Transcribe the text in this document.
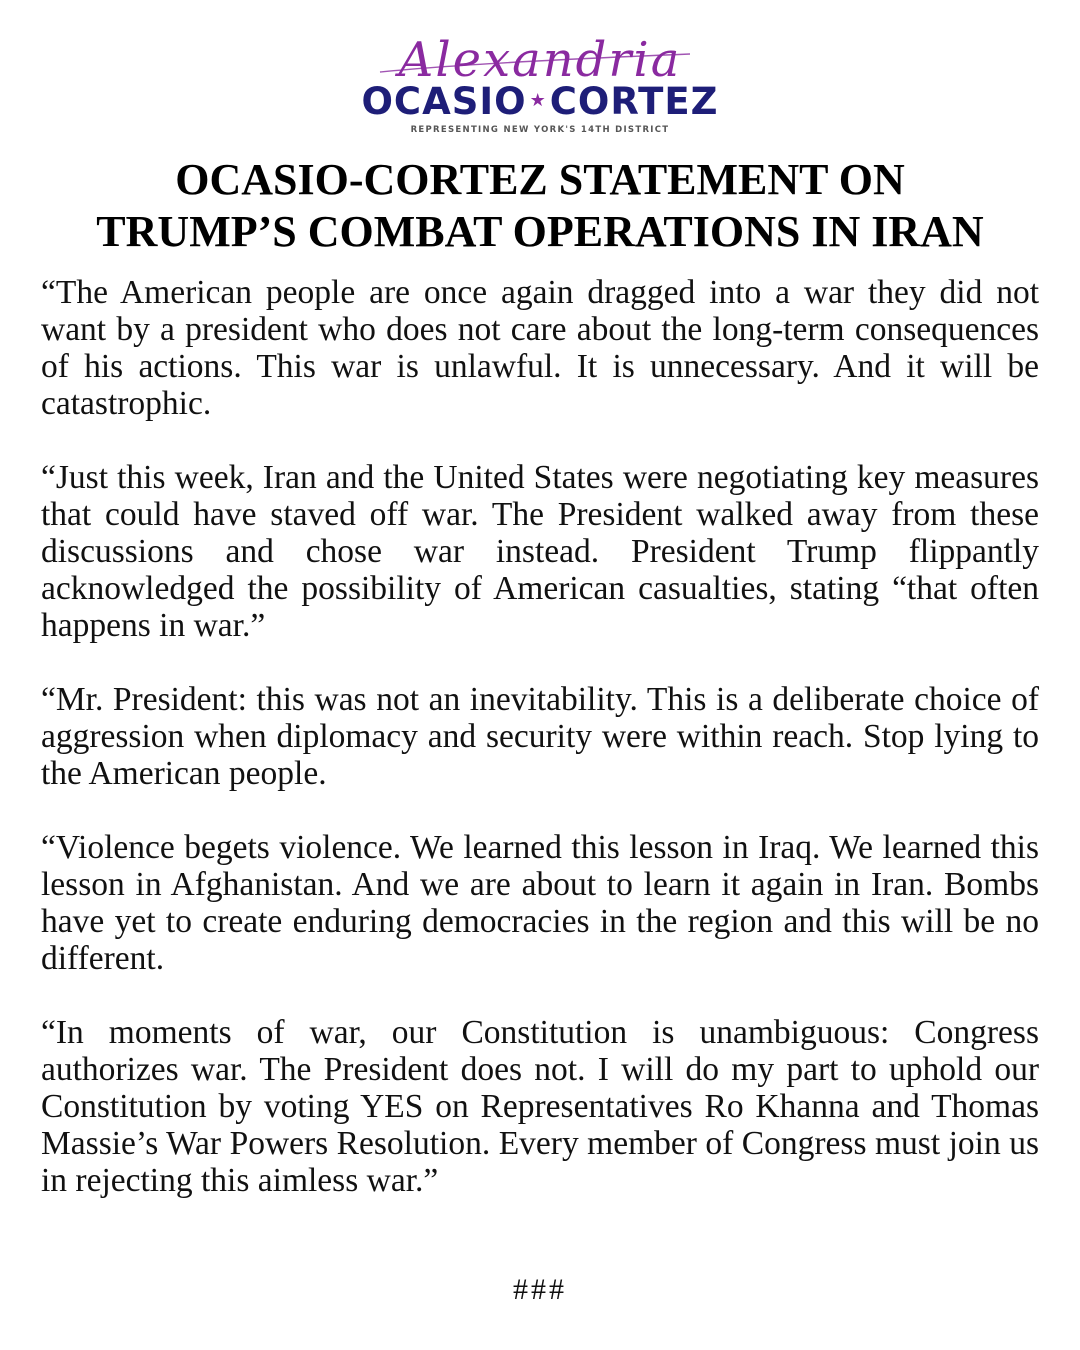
Alexandria
OCASIO ★CORTEZ
REPRESENTING NEW YORK'S 14TH DISTRICT
OCASIO-CORTEZ STATEMENT ON
TRUMP’S COMBAT OPERATIONS IN IRAN

“The American people are once again dragged into a war they did not want by a president who does not care about the long-term consequences of his actions. This war is unlawful. It is unnecessary. And it will be catastrophic.

“Just this week, Iran and the United States were negotiating key measures that could have staved off war. The President walked away from these discussions and chose war instead. President Trump flippantly acknowledged the possibility of American casualties, stating “that often happens in war.”

“Mr. President: this was not an inevitability. This is a deliberate choice of aggression when diplomacy and security were within reach. Stop lying to the American people.

“Violence begets violence. We learned this lesson in Iraq. We learned this lesson in Afghanistan. And we are about to learn it again in Iran. Bombs have yet to create enduring democracies in the region and this will be no different.

“In moments of war, our Constitution is unambiguous: Congress authorizes war. The President does not. I will do my part to uphold our Constitution by voting YES on Representatives Ro Khanna and Thomas Massie’s War Powers Resolution. Every member of Congress must join us in rejecting this aimless war.”

###
